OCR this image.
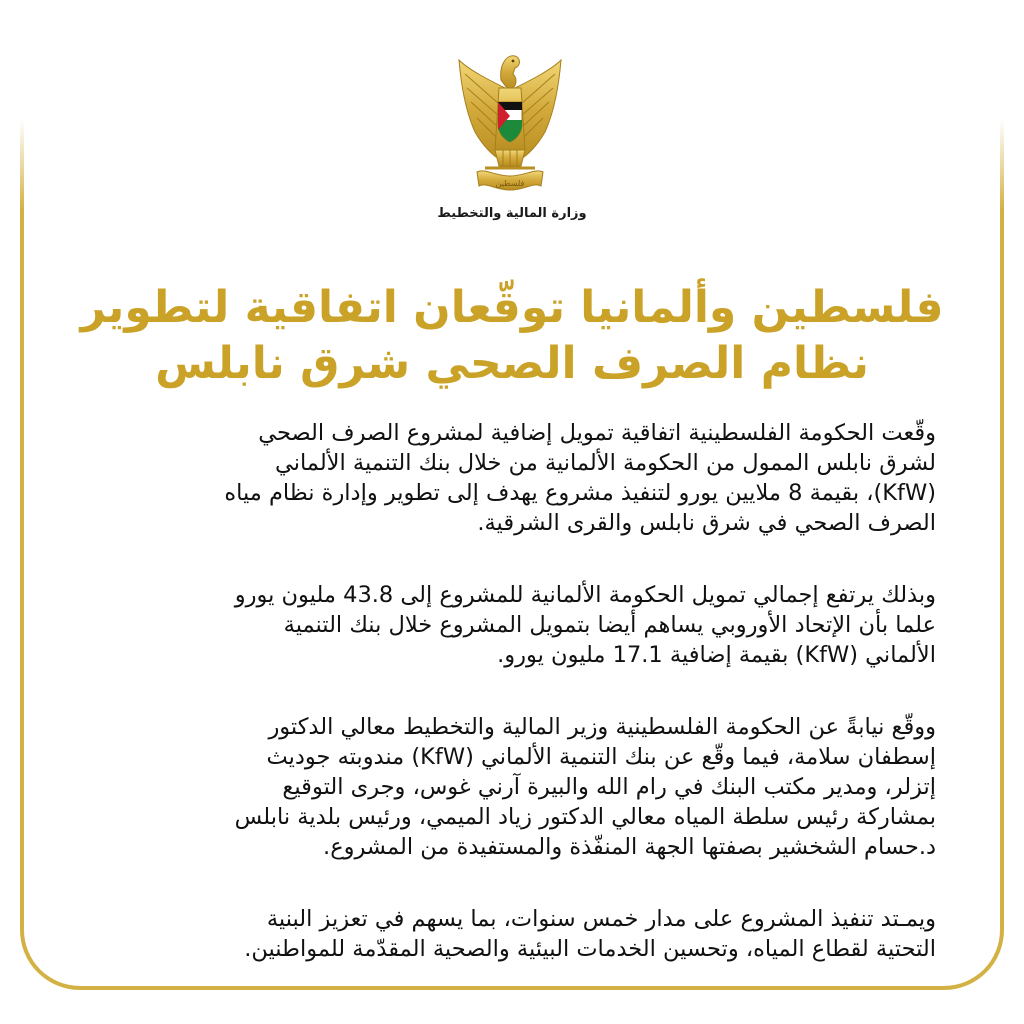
فلسطين
وزارة المالية والتخطيط
فلسطين وألمانيا توقّعان اتفاقية لتطوير
نظام الصرف الصحي شرق نابلس
وقّعت الحكومة الفلسطينية اتفاقية تمويل إضافية لمشروع الصرف الصحي
لشرق نابلس الممول من الحكومة الألمانية من خلال بنك التنمية الألماني
(KfW)، بقيمة 8 ملايين يورو لتنفيذ مشروع يهدف إلى تطوير وإدارة نظام مياه
الصرف الصحي في شرق نابلس والقرى الشرقية.
وبذلك يرتفع إجمالي تمويل الحكومة الألمانية للمشروع إلى 43.8 مليون يورو
علما بأن الإتحاد الأوروبي يساهم أيضا بتمويل المشروع خلال بنك التنمية
الألماني (KfW) بقيمة إضافية 17.1 مليون يورو.
ووقّع نيابةً عن الحكومة الفلسطينية وزير المالية والتخطيط معالي الدكتور
إسطفان سلامة، فيما وقّع عن بنك التنمية الألماني (KfW) مندوبته جوديث
إتزلر، ومدير مكتب البنك في رام الله والبيرة آرني غوس، وجرى التوقيع
بمشاركة رئيس سلطة المياه معالي الدكتور زياد الميمي، ورئيس بلدية نابلس
د.حسام الشخشير بصفتها الجهة المنفّذة والمستفيدة من المشروع.
ويمـتد تنفيذ المشروع على مدار خمس سنوات، بما يسهم في تعزيز البنية
التحتية لقطاع المياه، وتحسين الخدمات البيئية والصحية المقدّمة للمواطنين.
